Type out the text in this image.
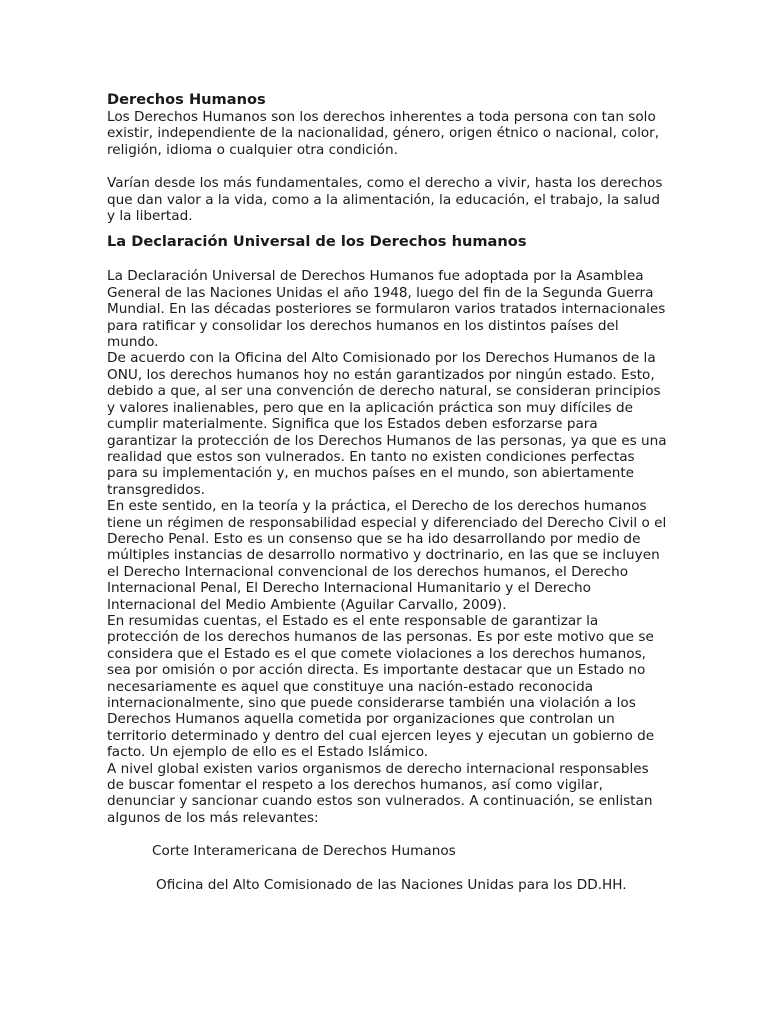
Derechos Humanos
Los Derechos Humanos son los derechos inherentes a toda persona con tan solo existir, independiente de la nacionalidad, género, origen étnico o nacional, color, religión, idioma o cualquier otra condición.
Varían desde los más fundamentales, como el derecho a vivir, hasta los derechos que dan valor a la vida, como a la alimentación, la educación, el trabajo, la salud y la libertad.
La Declaración Universal de los Derechos humanos
La Declaración Universal de Derechos Humanos fue adoptada por la Asamblea General de las Naciones Unidas el año 1948, luego del fin de la Segunda Guerra Mundial. En las décadas posteriores se formularon varios tratados internacionales para ratificar y consolidar los derechos humanos en los distintos países del mundo.
De acuerdo con la Oficina del Alto Comisionado por los Derechos Humanos de la ONU, los derechos humanos hoy no están garantizados por ningún estado. Esto, debido a que, al ser una convención de derecho natural, se consideran principios y valores inalienables, pero que en la aplicación práctica son muy difíciles de cumplir materialmente. Significa que los Estados deben esforzarse para garantizar la protección de los Derechos Humanos de las personas, ya que es una realidad que estos son vulnerados. En tanto no existen condiciones perfectas para su implementación y, en muchos países en el mundo, son abiertamente transgredidos.
En este sentido, en la teoría y la práctica, el Derecho de los derechos humanos tiene un régimen de responsabilidad especial y diferenciado del Derecho Civil o el Derecho Penal. Esto es un consenso que se ha ido desarrollando por medio de múltiples instancias de desarrollo normativo y doctrinario, en las que se incluyen el Derecho Internacional convencional de los derechos humanos, el Derecho Internacional Penal, El Derecho Internacional Humanitario y el Derecho Internacional del Medio Ambiente (Aguilar Carvallo, 2009).
En resumidas cuentas, el Estado es el ente responsable de garantizar la protección de los derechos humanos de las personas. Es por este motivo que se considera que el Estado es el que comete violaciones a los derechos humanos, sea por omisión o por acción directa. Es importante destacar que un Estado no necesariamente es aquel que constituye una nación-estado reconocida internacionalmente, sino que puede considerarse también una violación a los Derechos Humanos aquella cometida por organizaciones que controlan un territorio determinado y dentro del cual ejercen leyes y ejecutan un gobierno de facto. Un ejemplo de ello es el Estado Islámico.
A nivel global existen varios organismos de derecho internacional responsables de buscar fomentar el respeto a los derechos humanos, así como vigilar, denunciar y sancionar cuando estos son vulnerados. A continuación, se enlistan algunos de los más relevantes:
Corte Interamericana de Derechos Humanos
Oficina del Alto Comisionado de las Naciones Unidas para los DD.HH.
